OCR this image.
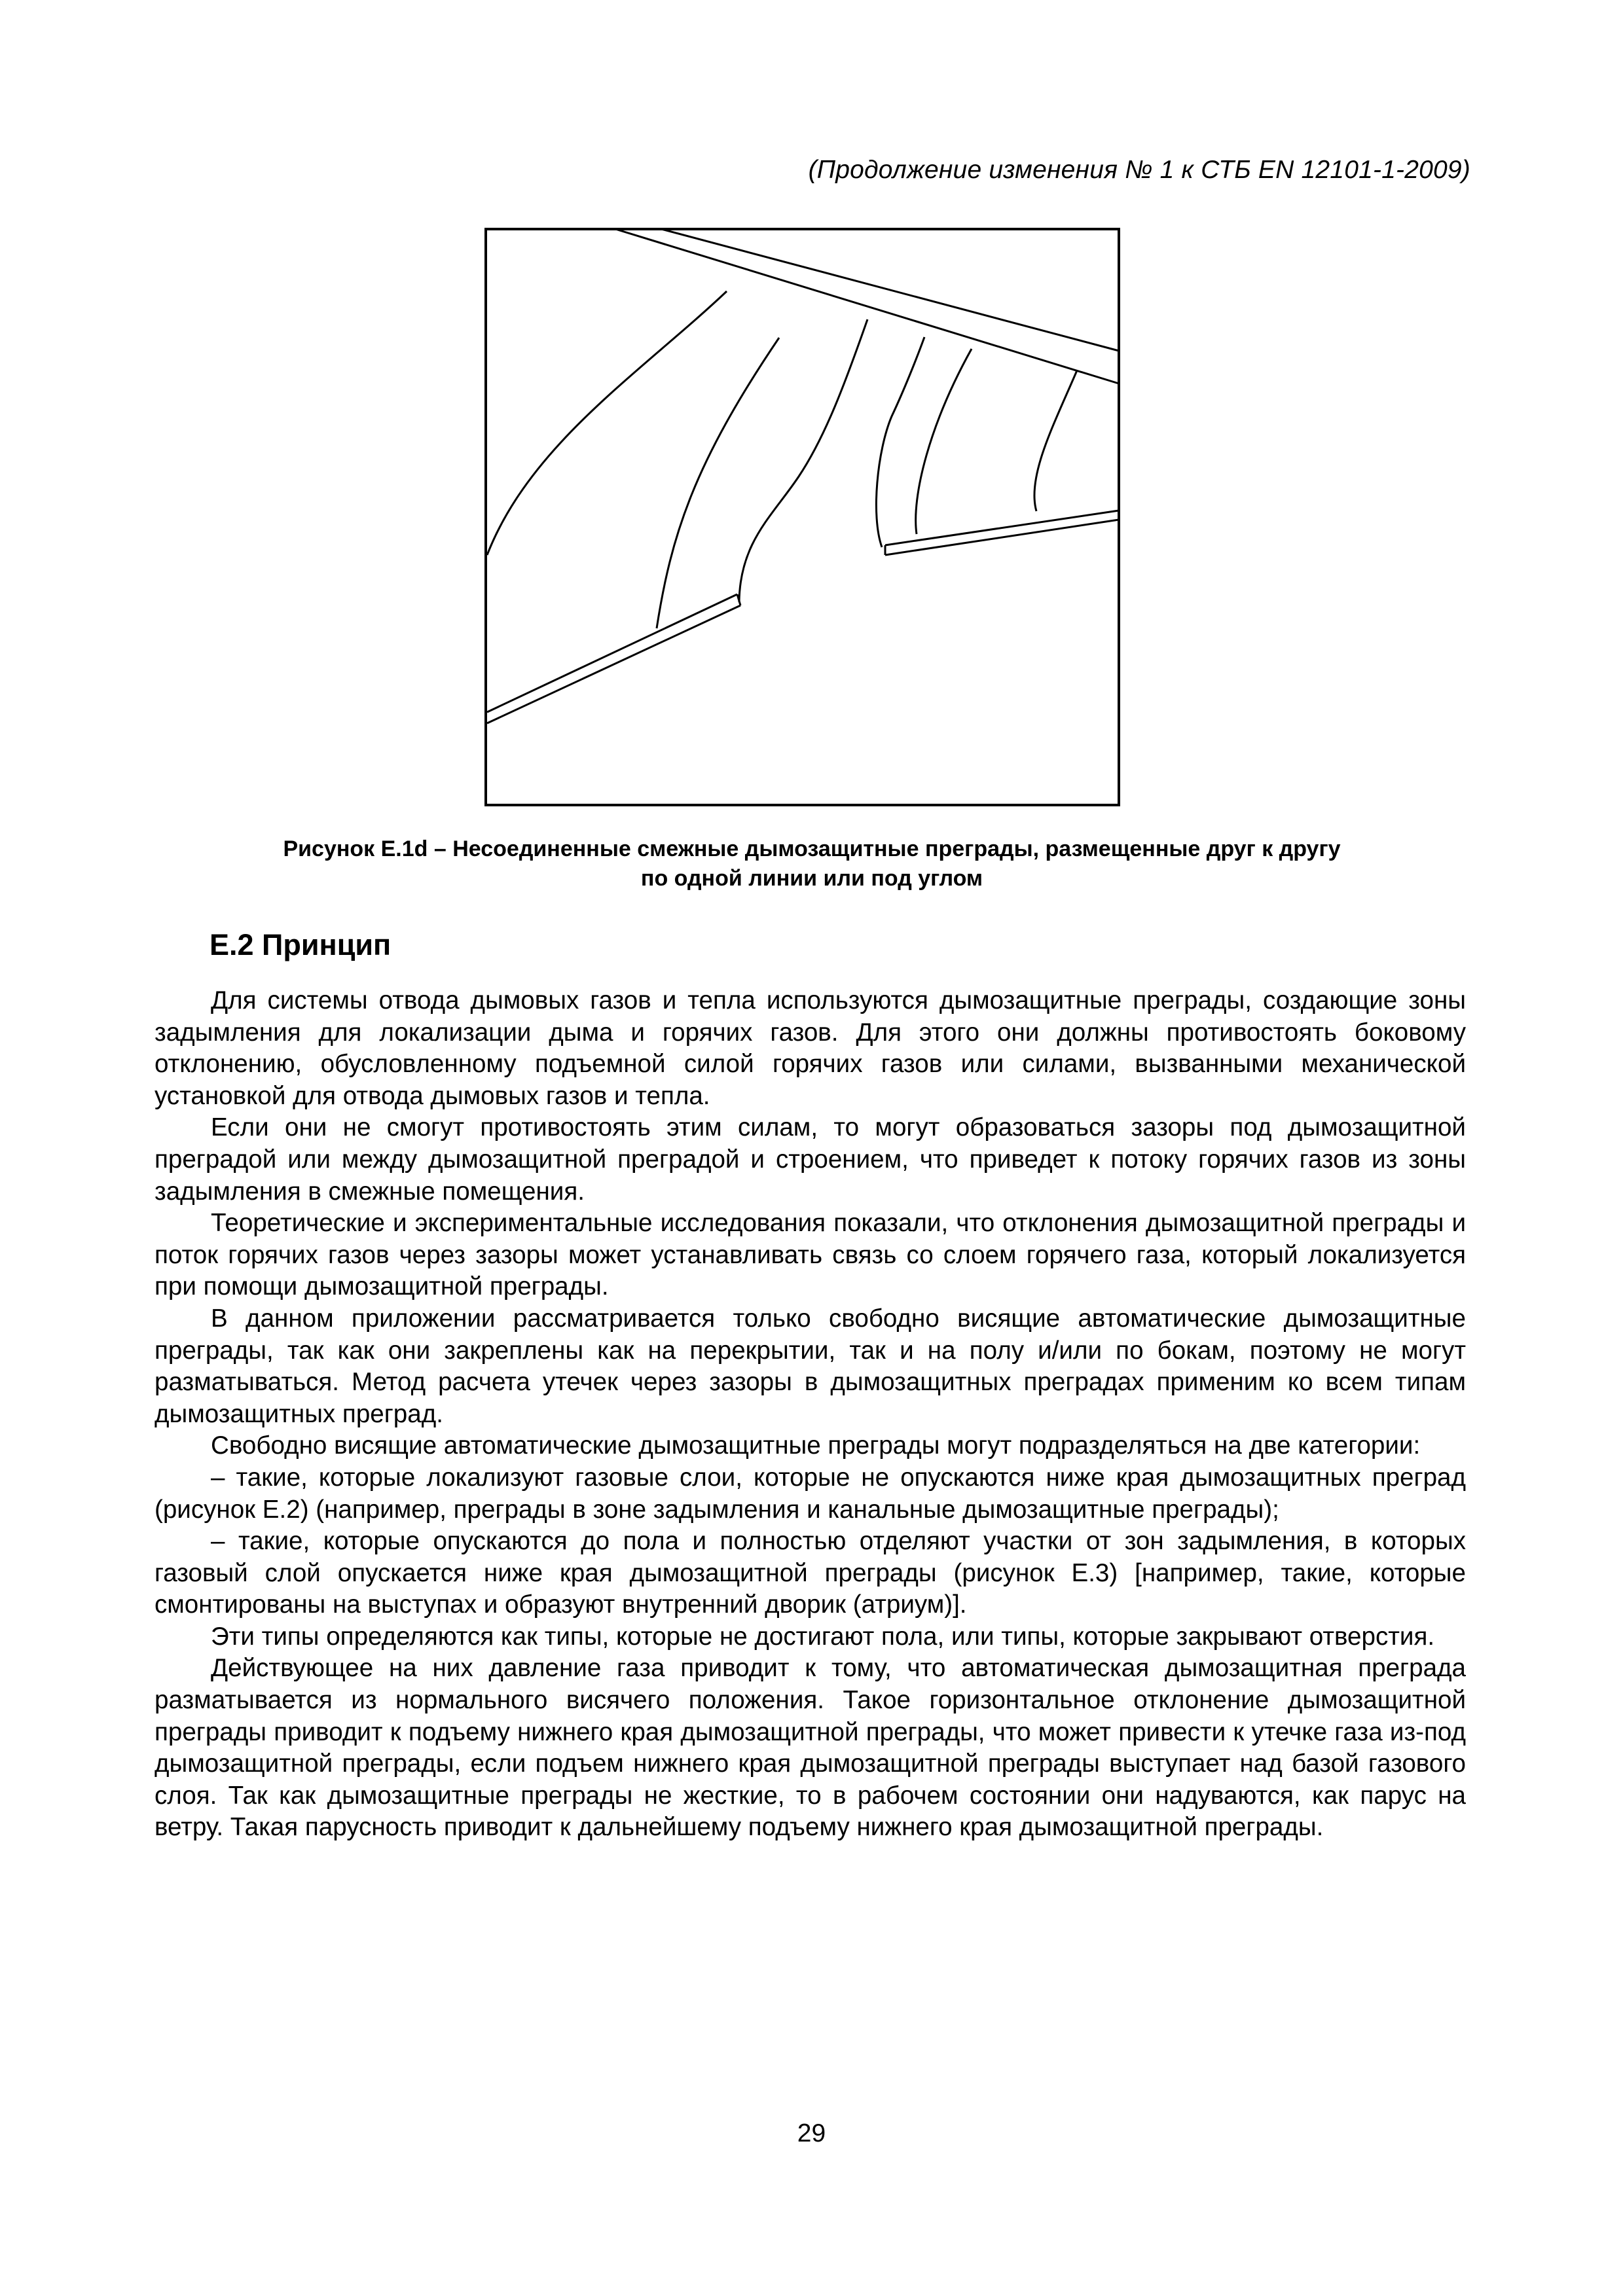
(Продолжение изменения № 1 к СТБ EN 12101-1-2009)
Рисунок Е.1d – Несоединенные смежные дымозащитные преграды, размещенные друг к другу
по одной линии или под углом
Е.2 Принцип

Для системы отвода дымовых газов и тепла используются дымозащитные преграды, создающие зоны задымления для локализации дыма и горячих газов. Для этого они должны противостоять боковому отклонению, обусловленному подъемной силой горячих газов или силами, вызванными механической установкой для отвода дымовых газов и тепла.

Если они не смогут противостоять этим силам, то могут образоваться зазоры под дымозащитной преградой или между дымозащитной преградой и строением, что приведет к потоку горячих газов из зоны задымления в смежные помещения.

Теоретические и экспериментальные исследования показали, что отклонения дымозащитной преграды и поток горячих газов через зазоры может устанавливать связь со слоем горячего газа, который локализуется при помощи дымозащитной преграды.

В данном приложении рассматривается только свободно висящие автоматические дымозащитные преграды, так как они закреплены как на перекрытии, так и на полу и/или по бокам, поэтому не могут разматываться. Метод расчета утечек через зазоры в дымозащитных преградах применим ко всем типам дымозащитных преград.

Свободно висящие автоматические дымозащитные преграды могут подразделяться на две категории:

– такие, которые локализуют газовые слои, которые не опускаются ниже края дымозащитных преград (рисунок Е.2) (например, преграды в зоне задымления и канальные дымозащитные преграды);

– такие, которые опускаются до пола и полностью отделяют участки от зон задымления, в которых газовый слой опускается ниже края дымозащитной преграды (рисунок Е.3) [например, такие, которые смонтированы на выступах и образуют внутренний дворик (атриум)].

Эти типы определяются как типы, которые не достигают пола, или типы, которые закрывают отверстия.

Действующее на них давление газа приводит к тому, что автоматическая дымозащитная преграда разматывается из нормального висячего положения. Такое горизонтальное отклонение дымозащитной преграды приводит к подъему нижнего края дымозащитной преграды, что может привести к утечке газа из-под дымозащитной преграды, если подъем нижнего края дымозащитной преграды выступает над базой газового слоя. Так как дымозащитные преграды не жесткие, то в рабочем состоянии они надуваются, как парус на ветру. Такая парусность приводит к дальнейшему подъему нижнего края дымозащитной преграды.

29
